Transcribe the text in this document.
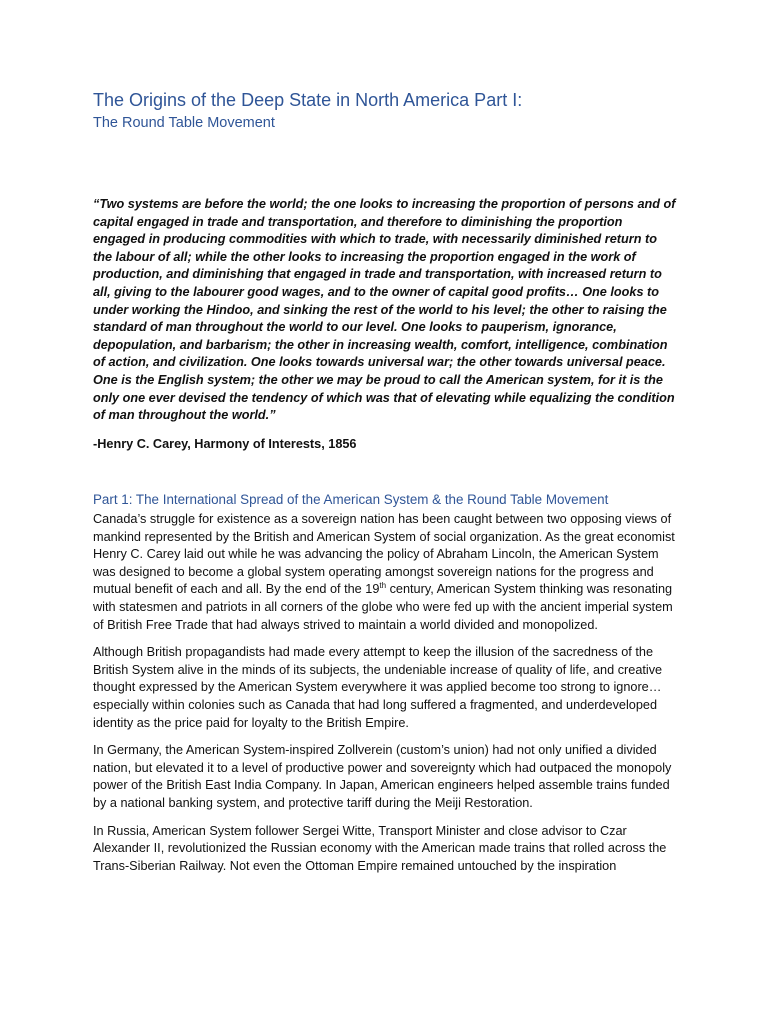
The Origins of the Deep State in North America Part I:
The Round Table Movement

“Two systems are before the world; the one looks to increasing the proportion of persons and of capital engaged in trade and transportation, and therefore to diminishing the proportion engaged in producing commodities with which to trade, with necessarily diminished return to the labour of all; while the other looks to increasing the proportion engaged in the work of production, and diminishing that engaged in trade and transportation, with increased return to all, giving to the labourer good wages, and to the owner of capital good profits… One looks to under working the Hindoo, and sinking the rest of the world to his level; the other to raising the standard of man throughout the world to our level. One looks to pauperism, ignorance, depopulation, and barbarism; the other in increasing wealth, comfort, intelligence, combination of action, and civilization. One looks towards universal war; the other towards universal peace. One is the English system; the other we may be proud to call the American system, for it is the only one ever devised the tendency of which was that of elevating while equalizing the condition of man throughout the world.”

-Henry C. Carey, Harmony of Interests, 1856

Part 1: The International Spread of the American System & the Round Table Movement

Canada’s struggle for existence as a sovereign nation has been caught between two opposing views of mankind represented by the British and American System of social organization. As the great economist Henry C. Carey laid out while he was advancing the policy of Abraham Lincoln, the American System was designed to become a global system operating amongst sovereign nations for the progress and mutual benefit of each and all. By the end of the 19th century, American System thinking was resonating with statesmen and patriots in all corners of the globe who were fed up with the ancient imperial system of British Free Trade that had always strived to maintain a world divided and monopolized.

Although British propagandists had made every attempt to keep the illusion of the sacredness of the British System alive in the minds of its subjects, the undeniable increase of quality of life, and creative thought expressed by the American System everywhere it was applied become too strong to ignore… especially within colonies such as Canada that had long suffered a fragmented, and underdeveloped identity as the price paid for loyalty to the British Empire.

In Germany, the American System-inspired Zollverein (custom’s union) had not only unified a divided nation, but elevated it to a level of productive power and sovereignty which had outpaced the monopoly power of the British East India Company. In Japan, American engineers helped assemble trains funded by a national banking system, and protective tariff during the Meiji Restoration.

In Russia, American System follower Sergei Witte, Transport Minister and close advisor to Czar Alexander II, revolutionized the Russian economy with the American made trains that rolled across the Trans-Siberian Railway. Not even the Ottoman Empire remained untouched by the inspiration
